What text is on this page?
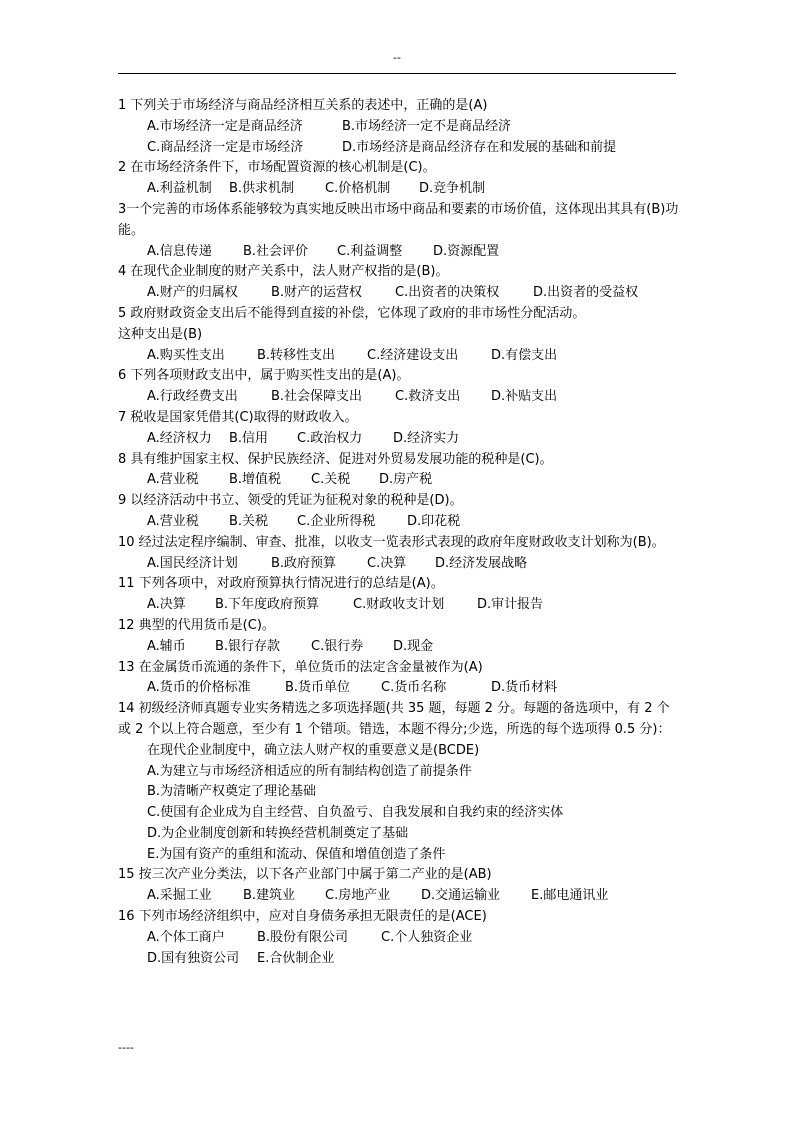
--
1 下列关于市场经济与商品经济相互关系的表述中，正确的是(A)
A.市场经济一定是商品经济	B.市场经济一定不是商品经济
C.商品经济一定是市场经济	D.市场经济是商品经济存在和发展的基础和前提
2 在市场经济条件下，市场配置资源的核心机制是(C)。
A.利益机制 B.供求机制 C.价格机制 D.竞争机制
3一个完善的市场体系能够较为真实地反映出市场中商品和要素的市场价值，这体现出其具有(B)功能。
A.信息传递 B.社会评价 C.利益调整 D.资源配置
4 在现代企业制度的财产关系中，法人财产权指的是(B)。
A.财产的归属权	B.财产的运营权	C.出资者的决策权	D.出资者的受益权
5 政府财政资金支出后不能得到直接的补偿，它体现了政府的非市场性分配活动。
这种支出是(B)
A.购买性支出 B.转移性支出 C.经济建设支出	D.有偿支出
6 下列各项财政支出中，属于购买性支出的是(A)。
A.行政经费支出	B.社会保障支出	C.救济支出 D.补贴支出
7 税收是国家凭借其(C)取得的财政收入。
A.经济权力 B.信用 C.政治权力 D.经济实力
8 具有维护国家主权、保护民族经济、促进对外贸易发展功能的税种是(C)。
A.营业税 B.增值税 C.关税 D.房产税
9 以经济活动中书立、领受的凭证为征税对象的税种是(D)。
A.营业税 B.关税 C.企业所得税 D.印花税
10 经过法定程序编制、审查、批准，以收支一览表形式表现的政府年度财政收支计划称为(B)。
A.国民经济计划	B.政府预算 C.决算 D.经济发展战略
11 下列各项中，对政府预算执行情况进行的总结是(A)。
A.决算 B.下年度政府预算	C.财政收支计划	D.审计报告
12 典型的代用货币是(C)。
A.辅币 B.银行存款 C.银行券 D.现金
13 在金属货币流通的条件下，单位货币的法定含金量被作为(A)
A.货币的价格标准	B.货币单位 C.货币名称	D.货币材料
14 初级经济师真题专业实务精选之多项选择题(共 35 题，每题 2 分。每题的备选项中，有 2 个或 2 个以上符合题意，至少有 1 个错项。错选，本题不得分;少选，所选的每个选项得 0.5 分)：
在现代企业制度中，确立法人财产权的重要意义是(BCDE)
A.为建立与市场经济相适应的所有制结构创造了前提条件
B.为清晰产权奠定了理论基础
C.使国有企业成为自主经营、自负盈亏、自我发展和自我约束的经济实体
D.为企业制度创新和转换经营机制奠定了基础
E.为国有资产的重组和流动、保值和增值创造了条件
15 按三次产业分类法，以下各产业部门中属于第二产业的是(AB)
A.采掘工业 B.建筑业 C.房地产业 D.交通运输业 E.邮电通讯业
16 下列市场经济组织中，应对自身债务承担无限责任的是(ACE)
A.个体工商户 B.股份有限公司	C.个人独资企业
D.国有独资公司 E.合伙制企业
----
